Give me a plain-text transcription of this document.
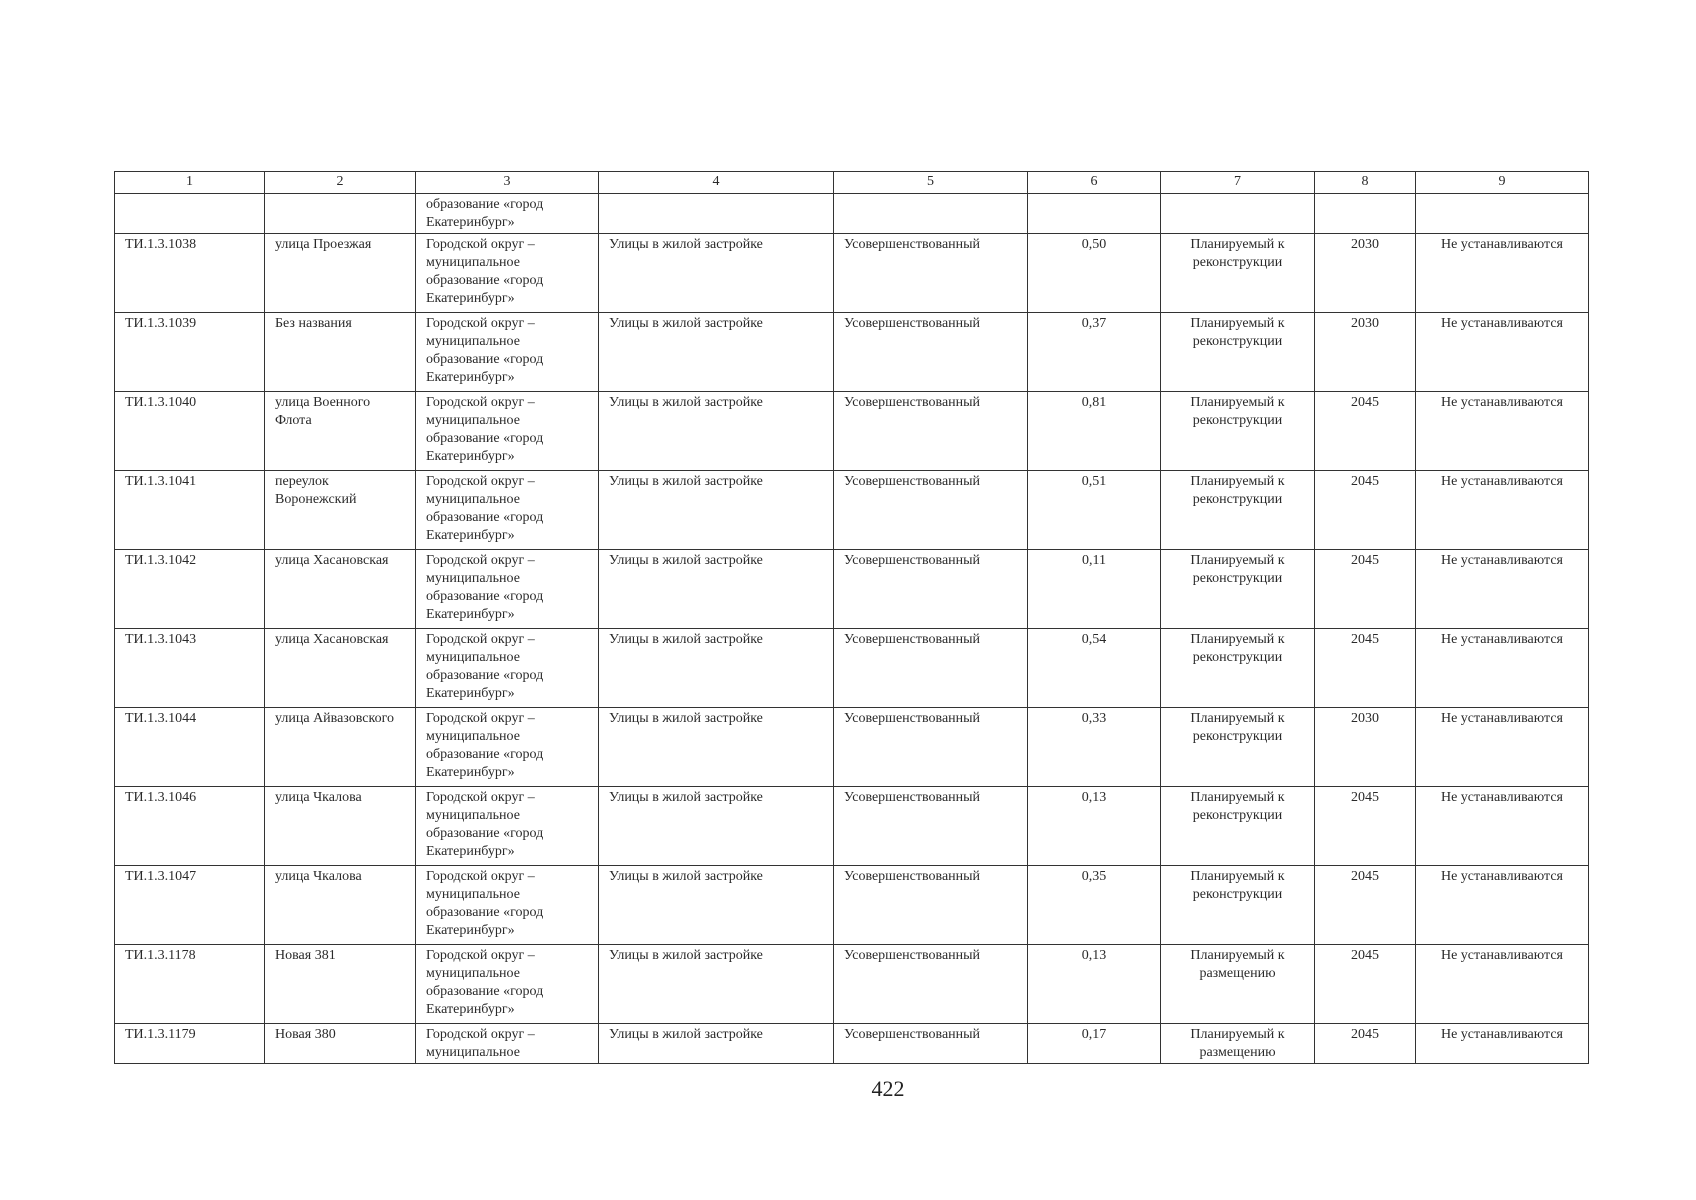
1	2	3	4	5	6	7	8	9
		образование «город Екатеринбург»						
ТИ.1.3.1038	улица Проезжая	Городской округ – муниципальное образование «город Екатеринбург»	Улицы в жилой застройке	Усовершенствованный	0,50	Планируемый к реконструкции	2030	Не устанавливаются
ТИ.1.3.1039	Без названия	Городской округ – муниципальное образование «город Екатеринбург»	Улицы в жилой застройке	Усовершенствованный	0,37	Планируемый к реконструкции	2030	Не устанавливаются
ТИ.1.3.1040	улица Военного Флота	Городской округ – муниципальное образование «город Екатеринбург»	Улицы в жилой застройке	Усовершенствованный	0,81	Планируемый к реконструкции	2045	Не устанавливаются
ТИ.1.3.1041	переулок Воронежский	Городской округ – муниципальное образование «город Екатеринбург»	Улицы в жилой застройке	Усовершенствованный	0,51	Планируемый к реконструкции	2045	Не устанавливаются
ТИ.1.3.1042	улица Хасановская	Городской округ – муниципальное образование «город Екатеринбург»	Улицы в жилой застройке	Усовершенствованный	0,11	Планируемый к реконструкции	2045	Не устанавливаются
ТИ.1.3.1043	улица Хасановская	Городской округ – муниципальное образование «город Екатеринбург»	Улицы в жилой застройке	Усовершенствованный	0,54	Планируемый к реконструкции	2045	Не устанавливаются
ТИ.1.3.1044	улица Айвазовского	Городской округ – муниципальное образование «город Екатеринбург»	Улицы в жилой застройке	Усовершенствованный	0,33	Планируемый к реконструкции	2030	Не устанавливаются
ТИ.1.3.1046	улица Чкалова	Городской округ – муниципальное образование «город Екатеринбург»	Улицы в жилой застройке	Усовершенствованный	0,13	Планируемый к реконструкции	2045	Не устанавливаются
ТИ.1.3.1047	улица Чкалова	Городской округ – муниципальное образование «город Екатеринбург»	Улицы в жилой застройке	Усовершенствованный	0,35	Планируемый к реконструкции	2045	Не устанавливаются
ТИ.1.3.1178	Новая 381	Городской округ – муниципальное образование «город Екатеринбург»	Улицы в жилой застройке	Усовершенствованный	0,13	Планируемый к размещению	2045	Не устанавливаются
ТИ.1.3.1179	Новая 380	Городской округ – муниципальное	Улицы в жилой застройке	Усовершенствованный	0,17	Планируемый к размещению	2045	Не устанавливаются
422
